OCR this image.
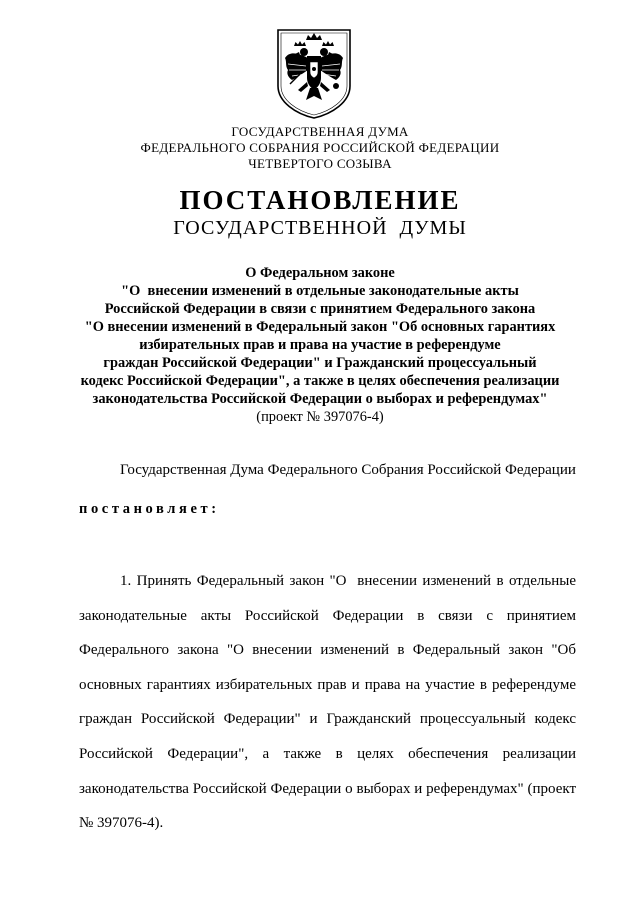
ГОСУДАРСТВЕННАЯ ДУМА
ФЕДЕРАЛЬНОГО СОБРАНИЯ РОССИЙСКОЙ ФЕДЕРАЦИИ
ЧЕТВЕРТОГО СОЗЫВА
ПОСТАНОВЛЕНИЕ
ГОСУДАРСТВЕННОЙ  ДУМЫ
О Федеральном законе
"О  внесении изменений в отдельные законодательные акты
Российской Федерации в связи с принятием Федерального закона
"О внесении изменений в Федеральный закон "Об основных гарантиях
избирательных прав и права на участие в референдуме
граждан Российской Федерации" и Гражданский процессуальный
кодекс Российской Федерации", а также в целях обеспечения реализации
законодательства Российской Федерации о выборах и референдумах"
(проект № 397076-4)
Государственная Дума Федерального Собрания Российской Федерации
постановляет:
1. Принять Федеральный закон "О  внесении изменений в отдельные
законодательные акты Российской Федерации в связи с принятием
Федерального закона "О внесении изменений в Федеральный закон "Об
основных гарантиях избирательных прав и права на участие в референдуме
граждан Российской Федерации" и Гражданский процессуальный кодекс
Российской Федерации", а также в целях обеспечения реализации
законодательства Российской Федерации о выборах и референдумах" (проект
№ 397076-4).
